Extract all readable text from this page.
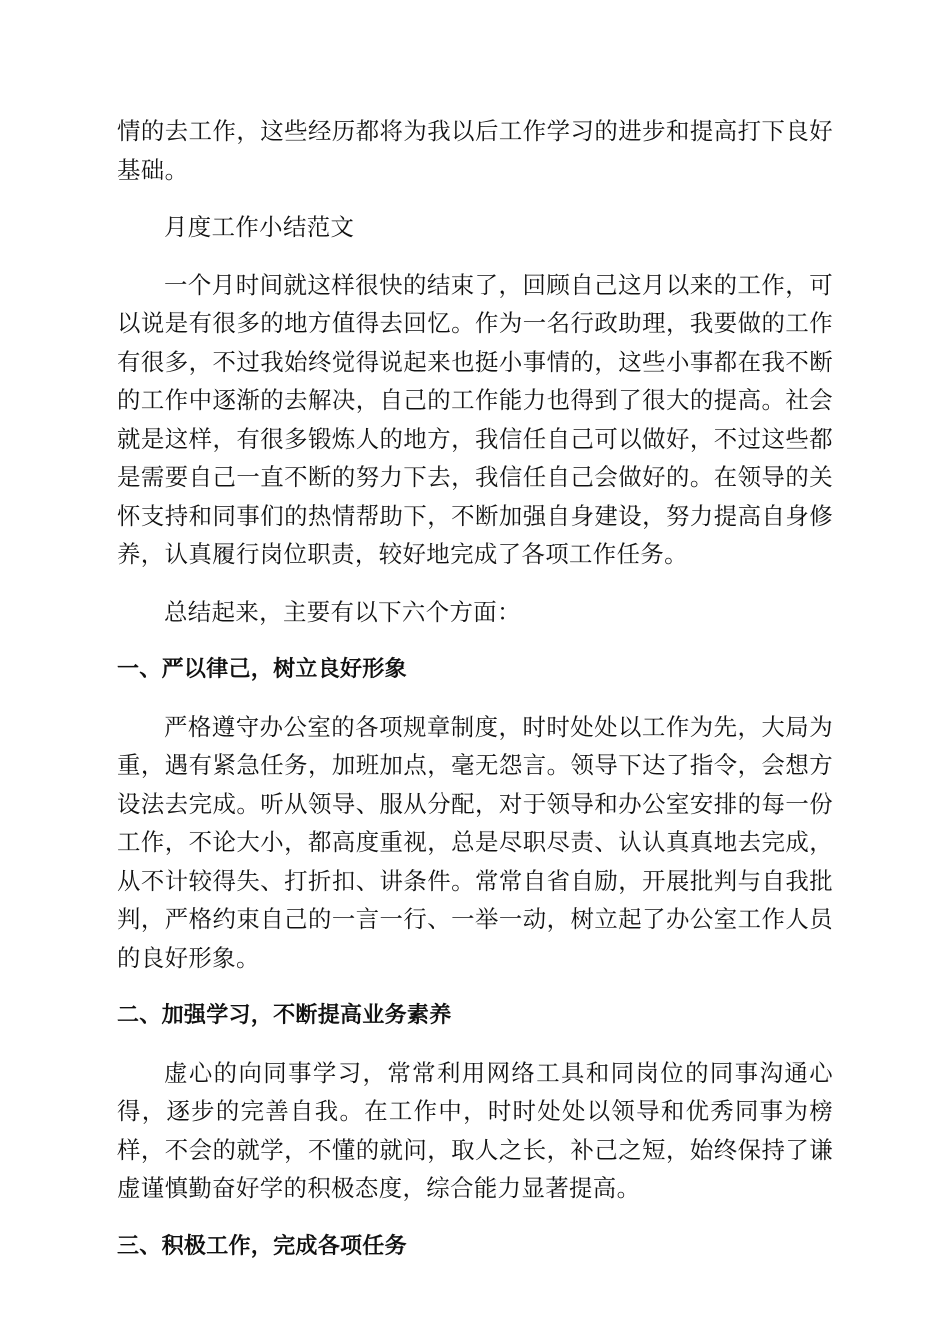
情的去工作，这些经历都将为我以后工作学习的进步和提高打下良好基础。

月度工作小结范文

一个月时间就这样很快的结束了，回顾自己这月以来的工作，可以说是有很多的地方值得去回忆。作为一名行政助理，我要做的工作有很多，不过我始终觉得说起来也挺小事情的，这些小事都在我不断的工作中逐渐的去解决，自己的工作能力也得到了很大的提高。社会就是这样，有很多锻炼人的地方，我信任自己可以做好，不过这些都是需要自己一直不断的努力下去，我信任自己会做好的。在领导的关怀支持和同事们的热情帮助下，不断加强自身建设，努力提高自身修养，认真履行岗位职责，较好地完成了各项工作任务。

总结起来，主要有以下六个方面：

一、严以律己，树立良好形象

严格遵守办公室的各项规章制度，时时处处以工作为先，大局为重，遇有紧急任务，加班加点，毫无怨言。领导下达了指令，会想方设法去完成。听从领导、服从分配，对于领导和办公室安排的每一份工作，不论大小，都高度重视，总是尽职尽责、认认真真地去完成，从不计较得失、打折扣、讲条件。常常自省自励，开展批判与自我批判，严格约束自己的一言一行、一举一动，树立起了办公室工作人员的良好形象。

二、加强学习，不断提高业务素养

虚心的向同事学习，常常利用网络工具和同岗位的同事沟通心得，逐步的完善自我。在工作中，时时处处以领导和优秀同事为榜样，不会的就学，不懂的就问，取人之长，补己之短，始终保持了谦虚谨慎勤奋好学的积极态度，综合能力显著提高。

三、积极工作，完成各项任务
